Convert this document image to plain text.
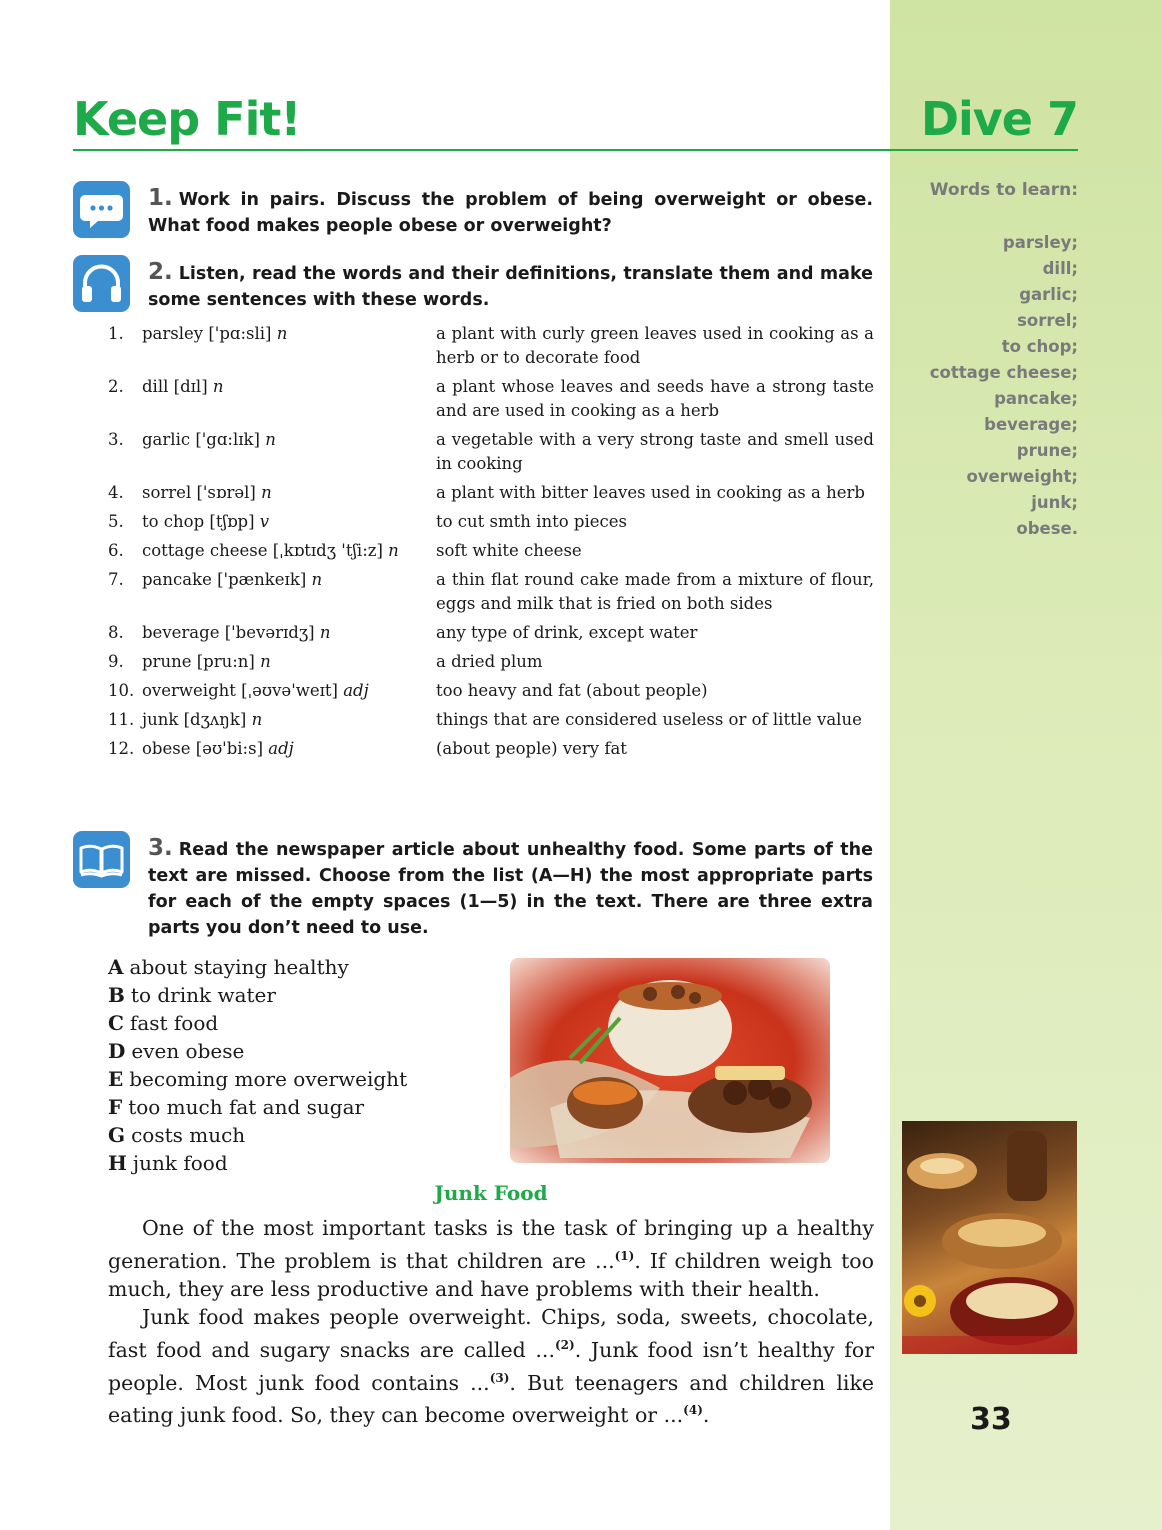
Keep Fit!	Dive 7
Words to learn:
parsley;
dill;
garlic;
sorrel;
to chop;
cottage cheese;
pancake;
beverage;
prune;
overweight;
junk;
obese.
1. Work in pairs. Discuss the problem of being overweight or obese. What food makes people obese or overweight?
2. Listen, read the words and their definitions, translate them and make some sentences with these words.
1.	parsley ['pɑ:sli] n	a plant with curly green leaves used in cooking as a herb or to decorate food
2.	dill [dɪl] n	a plant whose leaves and seeds have a strong taste and are used in cooking as a herb
3.	garlic ['gɑ:lɪk] n	a vegetable with a very strong taste and smell used in cooking
4.	sorrel ['sɒrəl] n	a plant with bitter leaves used in cooking as a herb
5.	to chop [tʃɒp] v	to cut smth into pieces
6.	cottage cheese [ˌkɒtɪdʒ 'tʃi:z] n	soft white cheese
7.	pancake ['pænkeɪk] n	a thin flat round cake made from a mixture of flour, eggs and milk that is fried on both sides
8.	beverage ['bevərɪdʒ] n	any type of drink, except water
9.	prune [pru:n] n	a dried plum
10.	overweight [ˌəʊvə'weɪt] adj	too heavy and fat (about people)
11.	junk [dʒʌŋk] n	things that are considered useless or of little value
12.	obese [əʊ'bi:s] adj	(about people) very fat
3. Read the newspaper article about unhealthy food. Some parts of the text are missed. Choose from the list (A—H) the most appropriate parts for each of the empty spaces (1—5) in the text. There are three extra parts you don’t need to use.
A about staying healthy
B to drink water
C fast food
D even obese
E becoming more overweight
F too much fat and sugar
G costs much
H junk food
Junk Food

One of the most important tasks is the task of bringing up a healthy generation. The problem is that children are ...$^{(1)}$. If children weigh too much, they are less productive and have problems with their health.

Junk food makes people overweight. Chips, soda, sweets, chocolate, fast food and sugary snacks are called ...$^{(2)}$. Junk food isn’t healthy for people. Most junk food contains ...$^{(3)}$. But teenagers and children like eating junk food. So, they can become overweight or ...$^{(4)}$.	33
